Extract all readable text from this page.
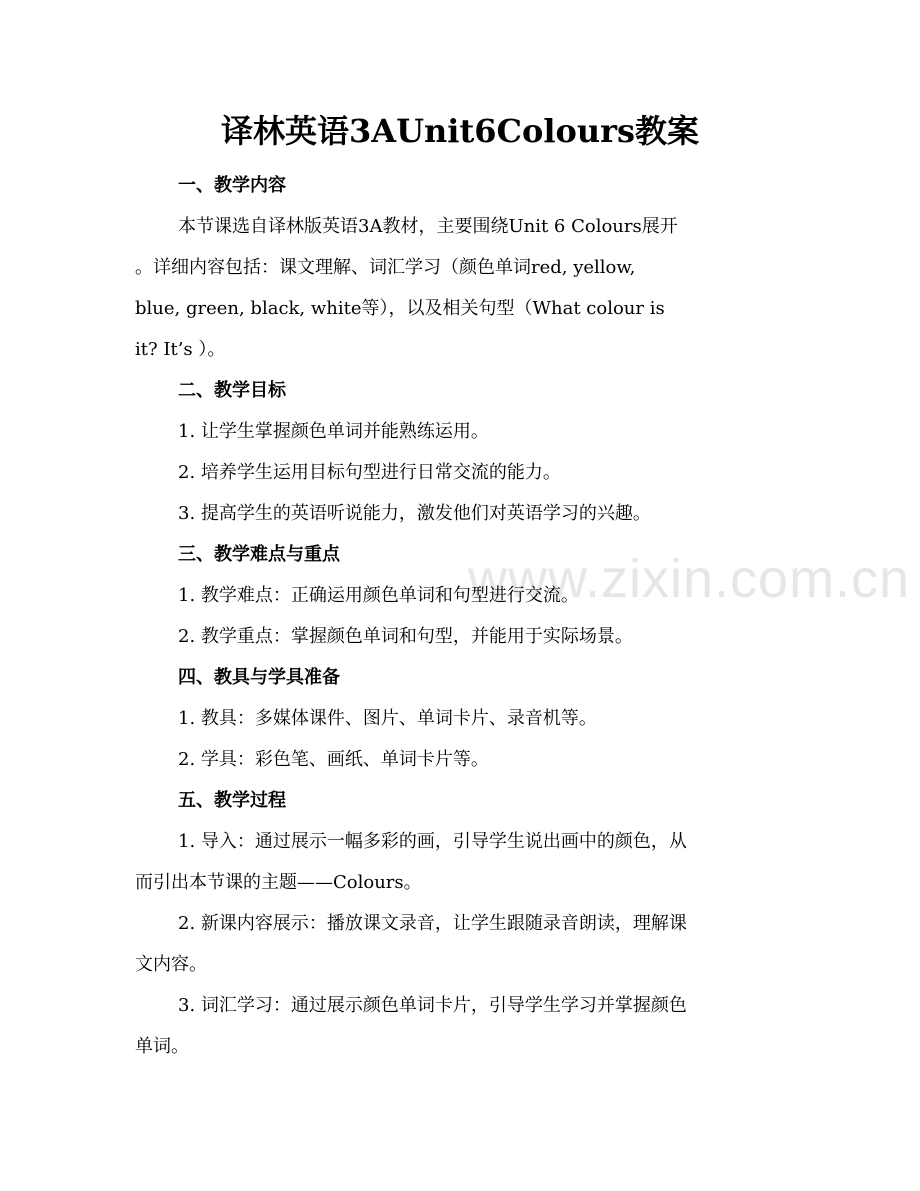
www.zixin.com.cn
译林英语3AUnit6Colours教案
一、教学内容
本节课选自译林版英语3A教材，主要围绕Unit 6 Colours展开
。详细内容包括：课文理解、词汇学习（颜色单词red, yellow,
blue, green, black, white等），以及相关句型（What colour is
it? It’s ）。
二、教学目标
1. 让学生掌握颜色单词并能熟练运用。
2. 培养学生运用目标句型进行日常交流的能力。
3. 提高学生的英语听说能力，激发他们对英语学习的兴趣。
三、教学难点与重点
1. 教学难点：正确运用颜色单词和句型进行交流。
2. 教学重点：掌握颜色单词和句型，并能用于实际场景。
四、教具与学具准备
1. 教具：多媒体课件、图片、单词卡片、录音机等。
2. 学具：彩色笔、画纸、单词卡片等。
五、教学过程
1. 导入：通过展示一幅多彩的画，引导学生说出画中的颜色，从
而引出本节课的主题——Colours。
2. 新课内容展示：播放课文录音，让学生跟随录音朗读，理解课
文内容。
3. 词汇学习：通过展示颜色单词卡片，引导学生学习并掌握颜色
单词。
